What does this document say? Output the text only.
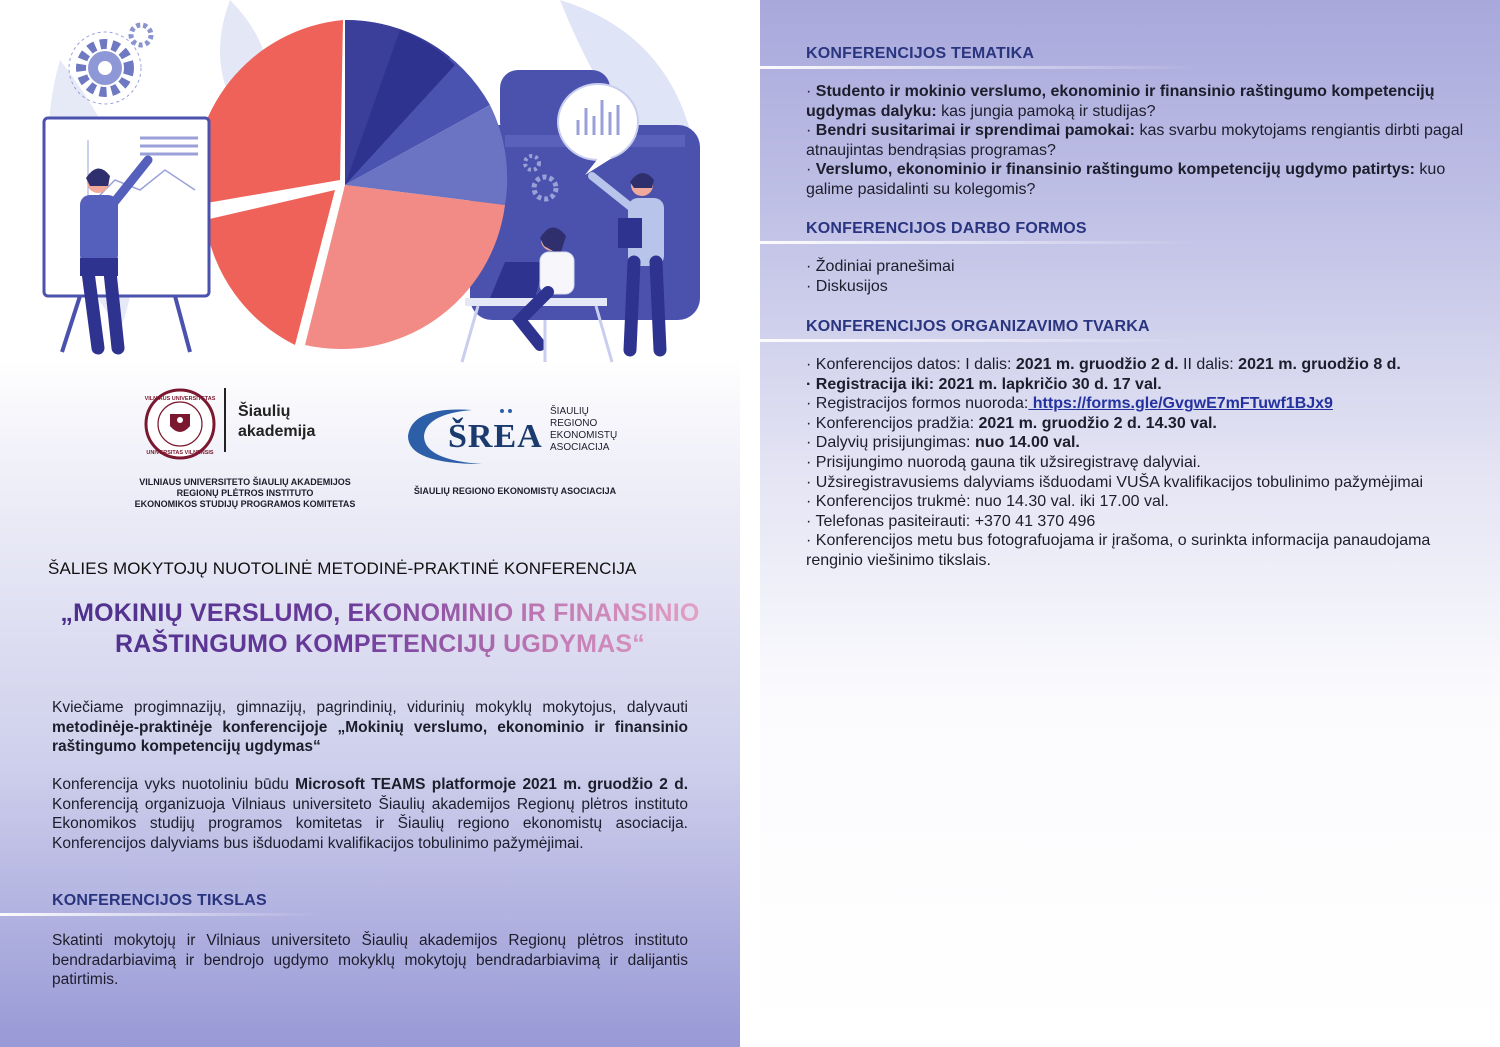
VILNIAUS UNIVERSITETAS
UNIVERSITAS VILNENSIS
Šiaulių
akademija
VILNIAUS UNIVERSITETO ŠIAULIŲ AKADEMIJOS
REGIONŲ PLĖTROS INSTITUTO
EKONOMIKOS STUDIJŲ PROGRAMOS KOMITETAS
ŠREA
ŠIAULIŲ
REGIONO
EKONOMISTŲ
ASOCIACIJA
ŠIAULIŲ REGIONO EKONOMISTŲ ASOCIACIJA
ŠALIES MOKYTOJŲ NUOTOLINĖ METODINĖ-PRAKTINĖ KONFERENCIJA
„MOKINIŲ VERSLUMO, EKONOMINIO IR FINANSINIO
RAŠTINGUMO KOMPETENCIJŲ UGDYMAS“

Kviečiame progimnazijų, gimnazijų, pagrindinių, vidurinių mokyklų mokytojus, dalyvauti metodinėje-praktinėje konferencijoje „Mokinių verslumo, ekonominio ir finansinio raštingumo kompetencijų ugdymas“

Konferencija vyks nuotoliniu būdu Microsoft TEAMS platformoje 2021 m. gruodžio 2 d. Konferenciją organizuoja Vilniaus universiteto Šiaulių akademijos Regionų plėtros instituto Ekonomikos studijų programos komitetas ir Šiaulių regiono ekonomistų asociacija. Konferencijos dalyviams bus išduodami kvalifikacijos tobulinimo pažymėjimai.

KONFERENCIJOS TIKSLAS

Skatinti mokytojų ir Vilniaus universiteto Šiaulių akademijos Regionų plėtros instituto bendradarbiavimą ir bendrojo ugdymo mokyklų mokytojų bendradarbiavimą ir dalijantis patirtimis.

KONFERENCIJOS TEMATIKA
· Studento ir mokinio verslumo, ekonominio ir finansinio raštingumo kompetencijų ugdymas dalyku: kas jungia pamoką ir studijas?
· Bendri susitarimai ir sprendimai pamokai: kas svarbu mokytojams rengiantis dirbti pagal atnaujintas bendrąsias programas?
· Verslumo, ekonominio ir finansinio raštingumo kompetencijų ugdymo patirtys: kuo galime pasidalinti su kolegomis?
KONFERENCIJOS DARBO FORMOS
· Žodiniai pranešimai
· Diskusijos
KONFERENCIJOS ORGANIZAVIMO TVARKA
· Konferencijos datos: I dalis: 2021 m. gruodžio 2 d. II dalis: 2021 m. gruodžio 8 d.
· Registracija iki: 2021 m. lapkričio 30 d. 17 val.
· Registracijos formos nuoroda: https://forms.gle/GvgwE7mFTuwf1BJx9
· Konferencijos pradžia: 2021 m. gruodžio 2 d. 14.30 val.
· Dalyvių prisijungimas: nuo 14.00 val.
· Prisijungimo nuorodą gauna tik užsiregistravę dalyviai.
· Užsiregistravusiems dalyviams išduodami VUŠA kvalifikacijos tobulinimo pažymėjimai
· Konferencijos trukmė: nuo 14.30 val. iki 17.00 val.
· Telefonas pasiteirauti: +370 41 370 496
· Konferencijos metu bus fotografuojama ir įrašoma, o surinkta informacija panaudojama renginio viešinimo tikslais.
